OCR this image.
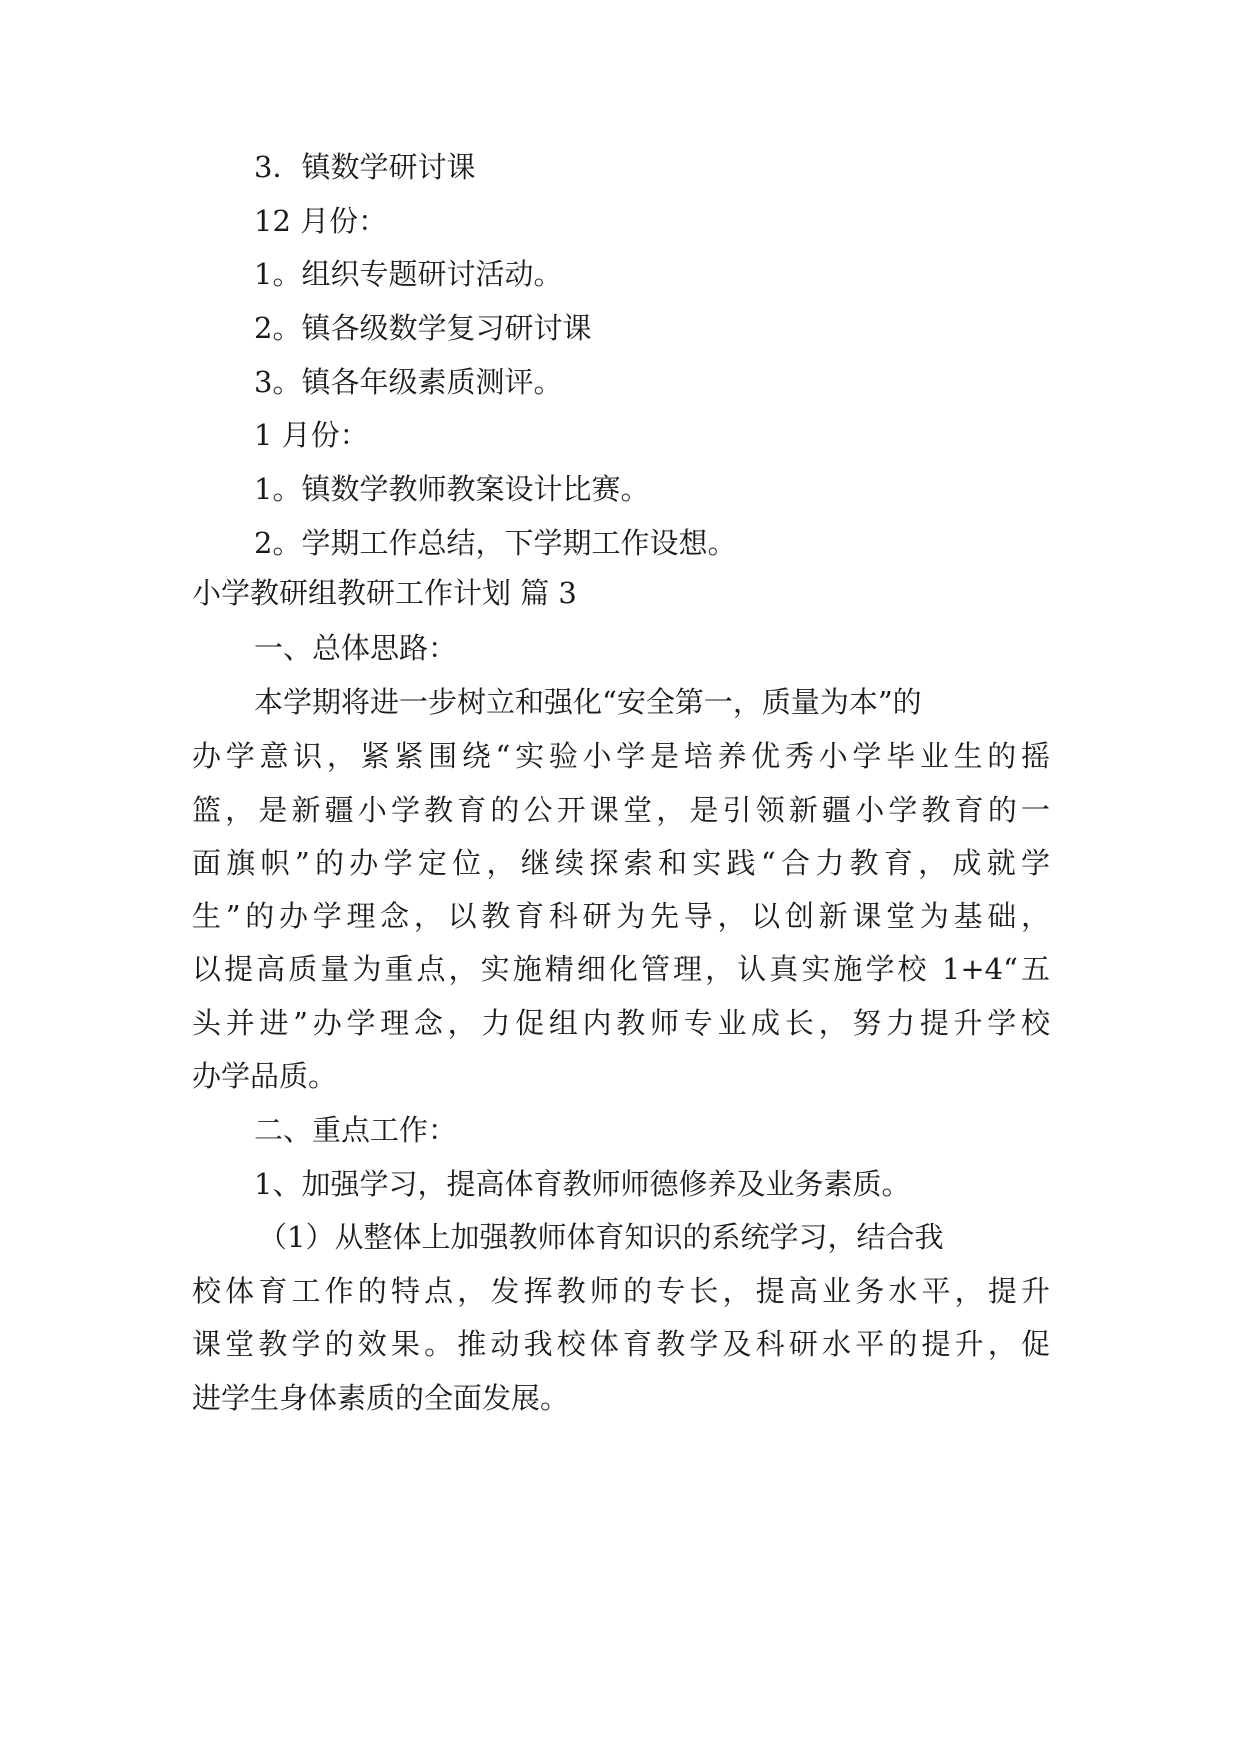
3．镇数学研讨课
12 月份：
1。组织专题研讨活动。
2。镇各级数学复习研讨课
3。镇各年级素质测评。
1 月份：
1。镇数学教师教案设计比赛。
2。学期工作总结，下学期工作设想。
小学教研组教研工作计划 篇 3
一、总体思路：
本学期将进一步树立和强化“安全第一，质量为本”的
办学意识，紧紧围绕“实验小学是培养优秀小学毕业生的摇
篮，是新疆小学教育的公开课堂，是引领新疆小学教育的一
面旗帜”的办学定位，继续探索和实践“合力教育，成就学
生”的办学理念，以教育科研为先导，以创新课堂为基础，
以提高质量为重点，实施精细化管理，认真实施学校 1+4“五
头并进”办学理念，力促组内教师专业成长，努力提升学校
办学品质。
二、重点工作：
1、加强学习，提高体育教师师德修养及业务素质。
（1）从整体上加强教师体育知识的系统学习，结合我
校体育工作的特点，发挥教师的专长，提高业务水平，提升
课堂教学的效果。推动我校体育教学及科研水平的提升，促
进学生身体素质的全面发展。
